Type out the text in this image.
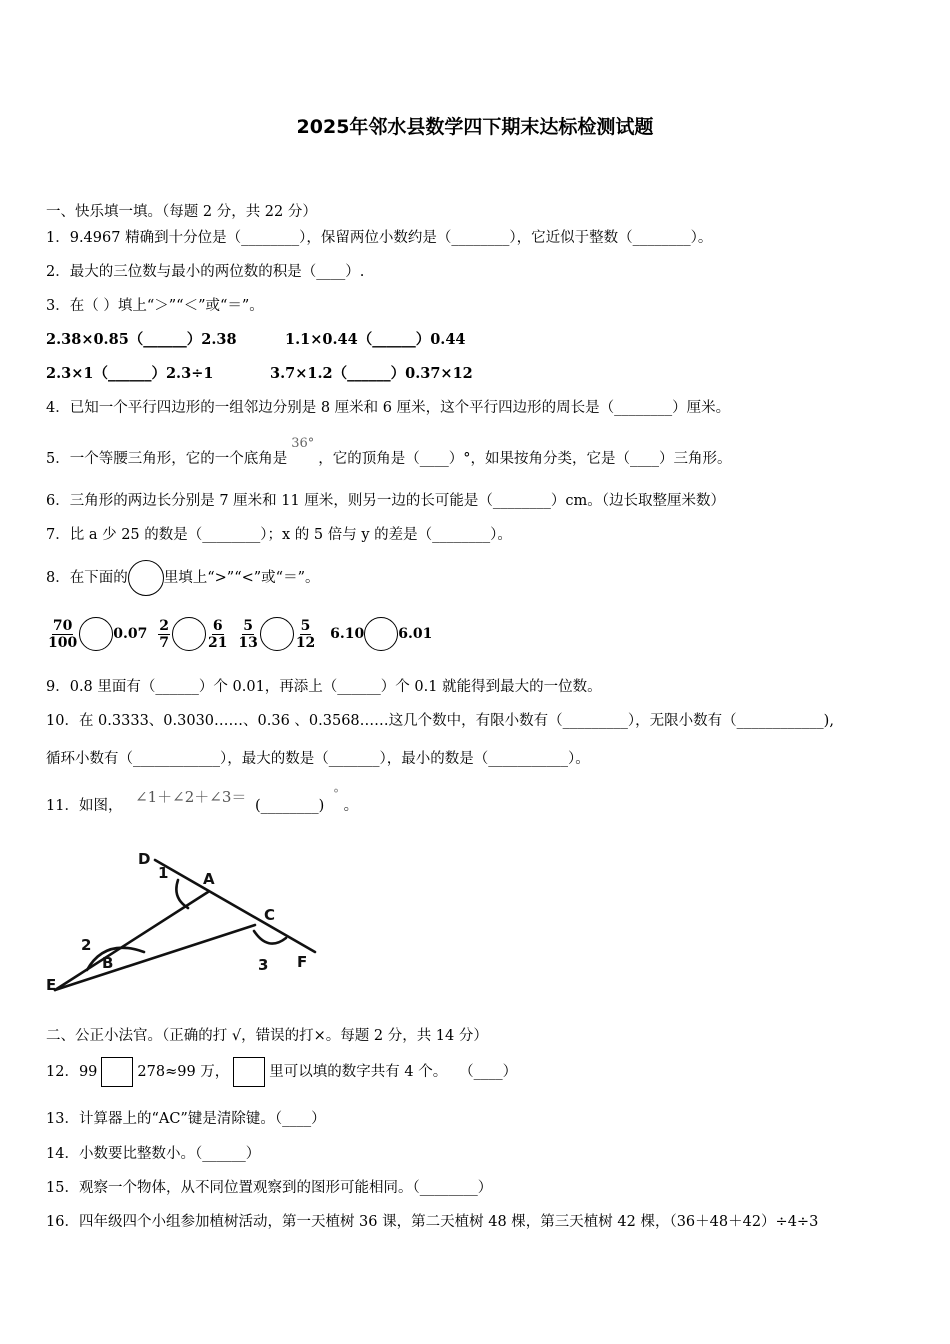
2025年邻水县数学四下期末达标检测试题
一、快乐填一填。（每题 2 分，共 22 分）
1．9.4967 精确到十分位是（________），保留两位小数约是（________），它近似于整数（________）。
2．最大的三位数与最小的两位数的积是（____）.
3．在（ ）填上“＞”“＜”或“＝”。
2.38×0.85（______）2.38	1.1×0.44（______）0.44
2.3×1（______）2.3÷1	3.7×1.2（______）0.37×12
4．已知一个平行四边形的一组邻边分别是 8 厘米和 6 厘米，这个平行四边形的周长是（________）厘米。
5．一个等腰三角形，它的一个底角是36°，它的顶角是（____）°，如果按角分类，它是（____）三角形。
6．三角形的两边长分别是 7 厘米和 11 厘米，则另一边的长可能是（________）cm。（边长取整厘米数）
7．比 a 少 25 的数是（________）；x 的 5 倍与 y 的差是（________）。
8．在下面的 里填上“>”“<”或“＝”。
$\frac{70}{100}$	$0.07 \frac{2}{7}$	$\frac{6}{21}$
$\frac{5}{13}$	$\frac{5}{12} 6.10$ 6.01
9．0.8 里面有（______）个 0.01，再添上（______）个 0.1 就能得到最大的一位数。
10．在 0.3333、0.3030……、0.36 、0.3568……这几个数中，有限小数有（_________），无限小数有（____________),
循环小数有（____________），最大的数是（_______），最小的数是（___________）。
11．如图， ∠1＋∠2＋∠3＝ (________) ° 。
D
A
1
C
2
B	3 F
E
二、公正小法官。（正确的打 √，错误的打×。每题 2 分，共 14 分）
12．99	278≈99 万，	里可以填的数字共有 4 个。　 （____）
13．计算器上的“AC”键是清除键。（____）
14．小数要比整数小。（______）
15．观察一个物体，从不同位置观察到的图形可能相同。（________）
16．四年级四个小组参加植树活动，第一天植树 36 课，第二天植树 48 棵，第三天植树 42 棵，（36＋48＋42）÷4÷3
